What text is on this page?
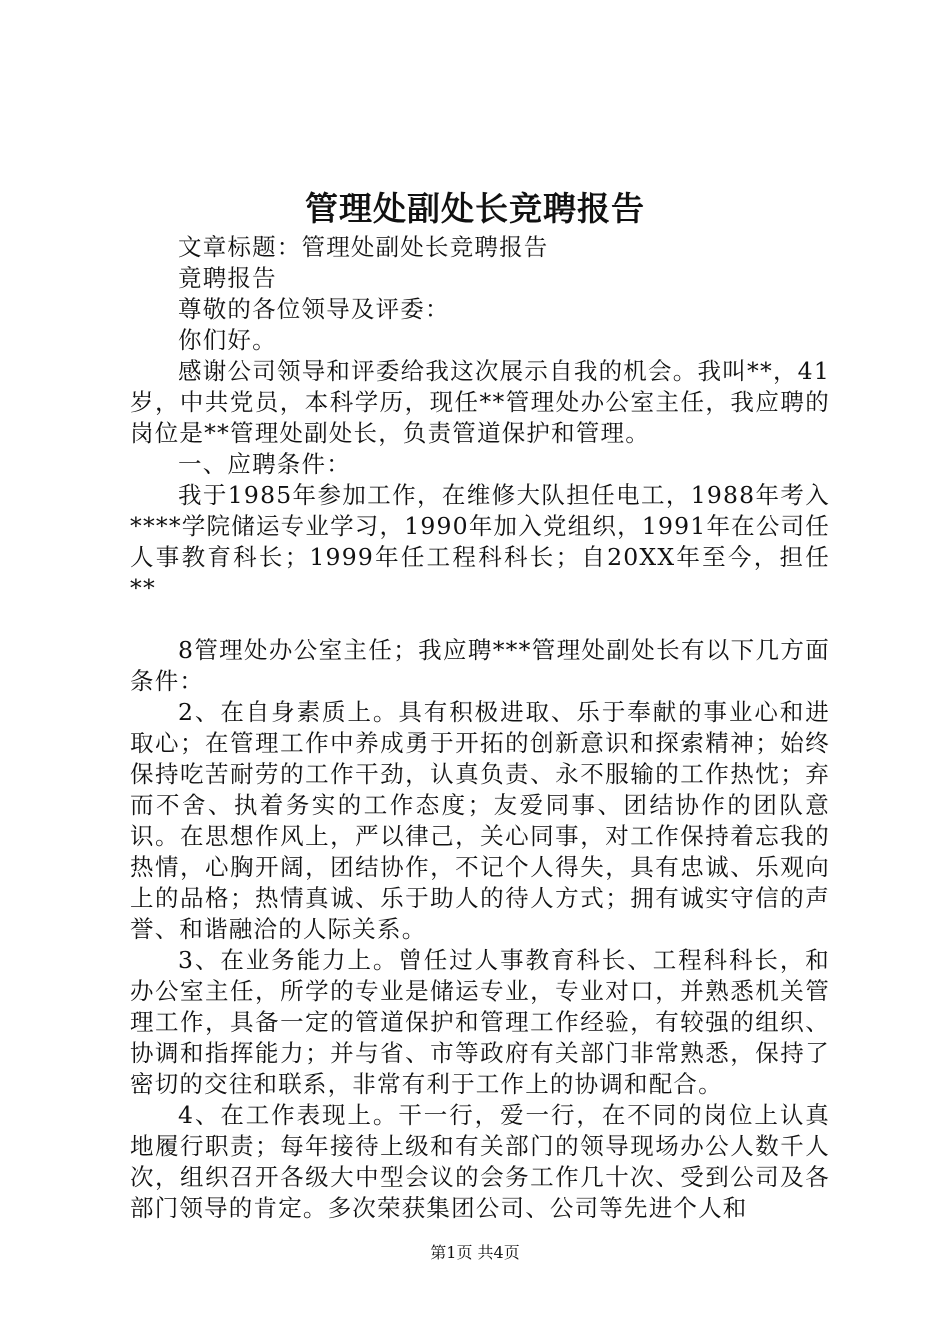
管理处副处长竞聘报告

文章标题：管理处副处长竞聘报告

竟聘报告

尊敬的各位领导及评委：

你们好。

感谢公司领导和评委给我这次展示自我的机会。我叫**，41岁，中共党员，本科学历，现任**管理处办公室主任，我应聘的岗位是**管理处副处长，负责管道保护和管理。

一、应聘条件：

我于1985年参加工作，在维修大队担任电工，1988年考入****学院储运专业学习，1990年加入党组织，1991年在公司任人事教育科长；1999年任工程科科长；自20XX年至今，担任**

8管理处办公室主任；我应聘***管理处副处长有以下几方面条件：

2、在自身素质上。具有积极进取、乐于奉献的事业心和进取心；在管理工作中养成勇于开拓的创新意识和探索精神；始终保持吃苦耐劳的工作干劲，认真负责、永不服输的工作热忱；弃而不舍、执着务实的工作态度；友爱同事、团结协作的团队意识。在思想作风上，严以律己，关心同事，对工作保持着忘我的热情，心胸开阔，团结协作，不记个人得失，具有忠诚、乐观向上的品格；热情真诚、乐于助人的待人方式；拥有诚实守信的声誉、和谐融洽的人际关系。

3、在业务能力上。曾任过人事教育科长、工程科科长，和办公室主任，所学的专业是储运专业，专业对口，并熟悉机关管理工作，具备一定的管道保护和管理工作经验，有较强的组织、协调和指挥能力；并与省、市等政府有关部门非常熟悉，保持了密切的交往和联系，非常有利于工作上的协调和配合。

4、在工作表现上。干一行，爱一行，在不同的岗位上认真地履行职责；每年接待上级和有关部门的领导现场办公人数千人次，组织召开各级大中型会议的会务工作几十次、受到公司及各部门领导的肯定。多次荣获集团公司、公司等先进个人和

第1页 共4页
